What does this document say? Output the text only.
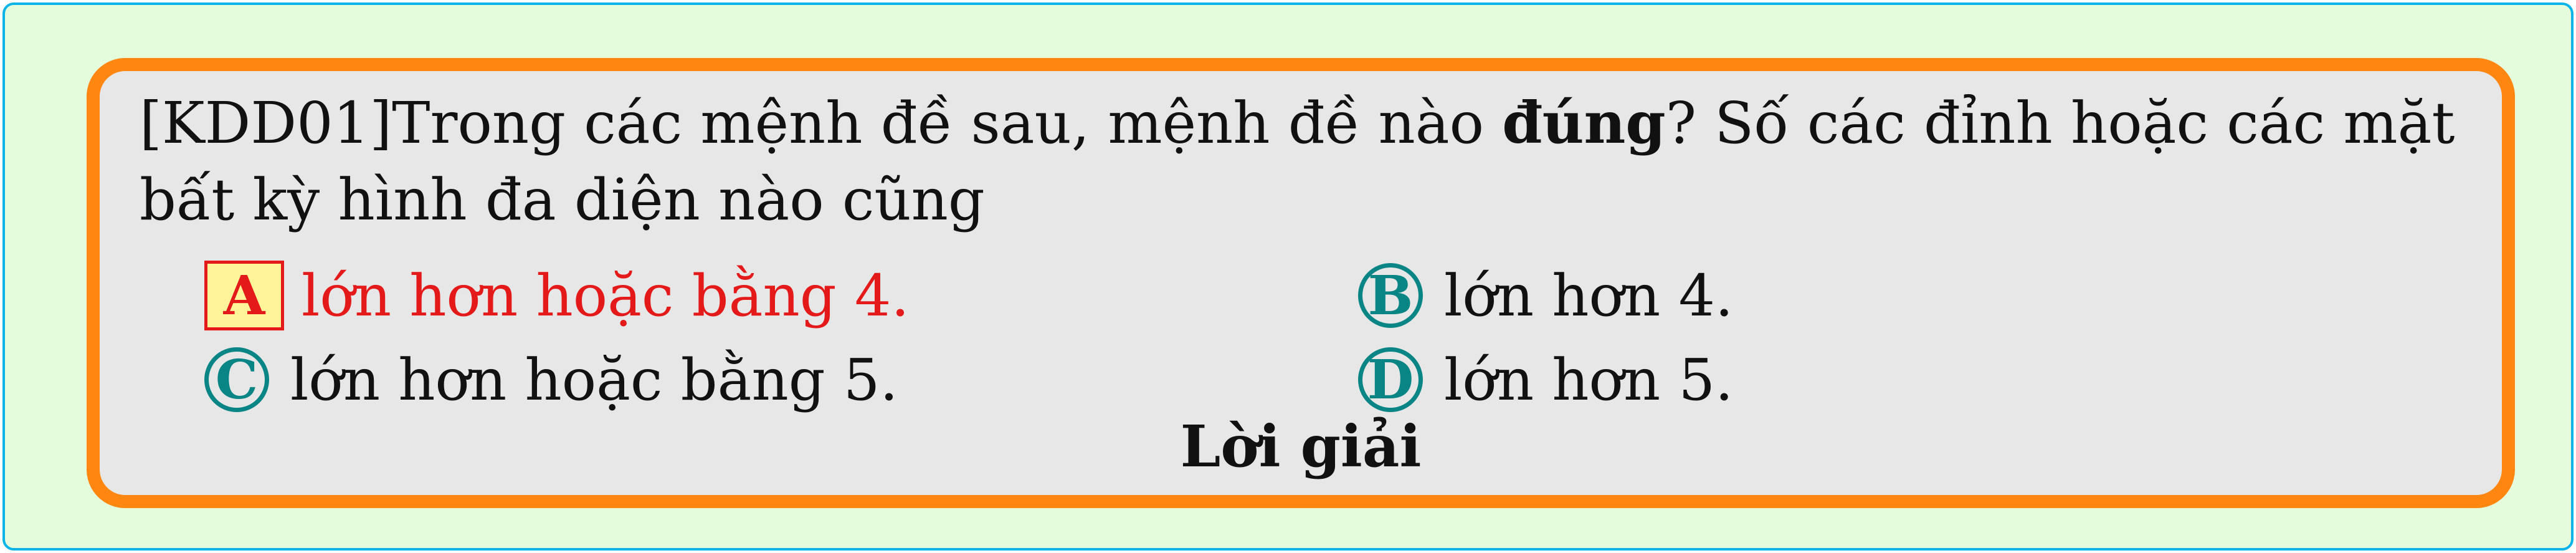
[KDD01]Trong các mệnh đề sau, mệnh đề nào đúng? Số các đỉnh hoặc các mặt bất kỳ hình đa diện nào cũng
A lớn hơn hoặc bằng 4.	B lớn hơn 4.
C lớn hơn hoặc bằng 5.	D lớn hơn 5.
Lời giải
